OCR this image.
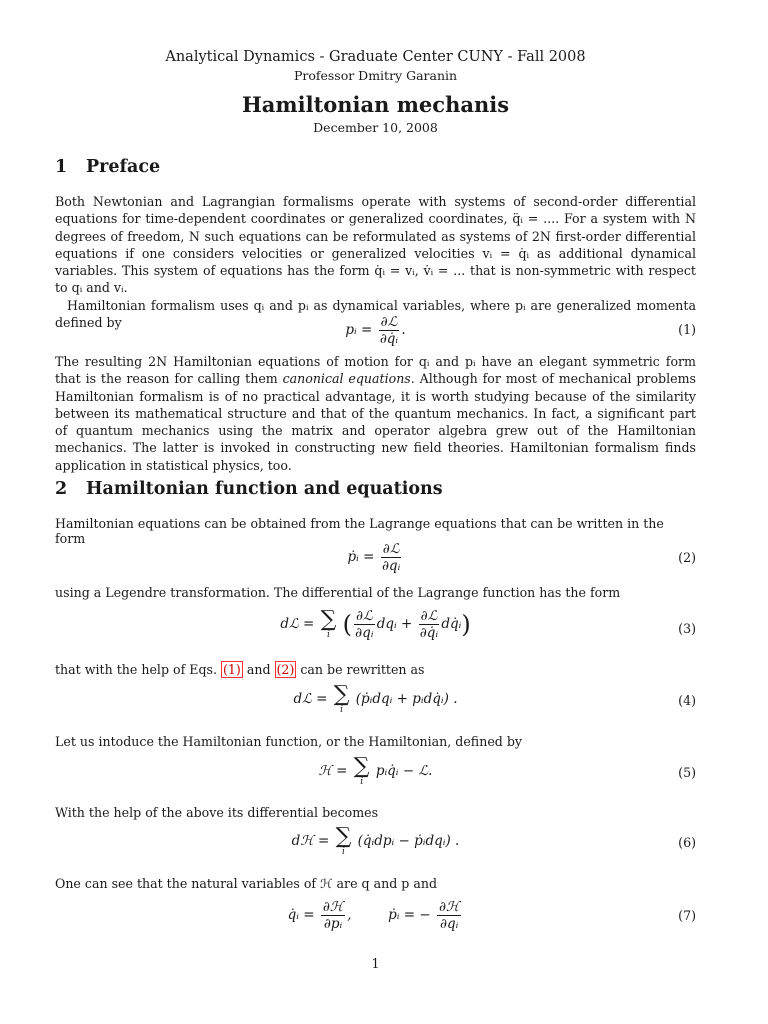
Analytical Dynamics - Graduate Center CUNY - Fall 2008
Professor Dmitry Garanin
Hamiltonian mechanis
December 10, 2008
1 Preface

Both Newtonian and Lagrangian formalisms operate with systems of second-order differential equations for time-dependent coordinates or generalized coordinates, q̈ᵢ = .... For a system with N degrees of freedom, N such equations can be reformulated as systems of 2N first-order differential equations if one considers velocities or generalized velocities vᵢ = q̇ᵢ as additional dynamical variables. This system of equations has the form q̇ᵢ = vᵢ, v̇ᵢ = ... that is non-symmetric with respect to qᵢ and vᵢ.

Hamiltonian formalism uses qᵢ and pᵢ as dynamical variables, where pᵢ are generalized momenta defined by	pᵢ = $\frac{\text{∂ℒ}}{\text{∂q̇ᵢ}}$ .	(1)

The resulting 2N Hamiltonian equations of motion for qᵢ and pᵢ have an elegant symmetric form that is the reason for calling them canonical equations. Although for most of mechanical problems Hamiltonian formalism is of no practical advantage, it is worth studying because of the similarity between its mathematical structure and that of the quantum mechanics. In fact, a significant part of quantum mechanics using the matrix and operator algebra grew out of the Hamiltonian mechanics. The latter is invoked in constructing new field theories. Hamiltonian formalism finds application in statistical physics, too.

2 Hamiltonian function and equations
Hamiltonian equations can be obtained from the Lagrange equations that can be written in the form
ṗᵢ = $\frac{\text{∂ℒ}}{\text{∂qᵢ}}$	(2)
using a Legendre transformation. The differential of the Lagrange function has the form
dℒ = ∑
i ( $\frac{\text{∂ℒ}}{\text{∂qᵢ}}$ dqᵢ + $\frac{\text{∂ℒ}}{\text{∂q̇ᵢ}}$ dq̇ᵢ)	(3)
that with the help of Eqs. (1) and (2) can be rewritten as
dℒ = ∑
i
(ṗᵢdqᵢ + pᵢdq̇ᵢ) .	(4)
Let us intoduce the Hamiltonian function, or the Hamiltonian, defined by
ℋ = ∑
i
pᵢq̇ᵢ − ℒ.	(5)
With the help of the above its differential becomes
dℋ = ∑
i
(q̇ᵢdpᵢ − ṗᵢdqᵢ) .	(6)
One can see that the natural variables of ℋ are q and p and
q̇ᵢ = $\frac{\text{∂ℋ}}{\text{∂pᵢ}}$ ,	ṗᵢ = − $\frac{\text{∂ℋ}}{\text{∂qᵢ}}$	(7)
1
